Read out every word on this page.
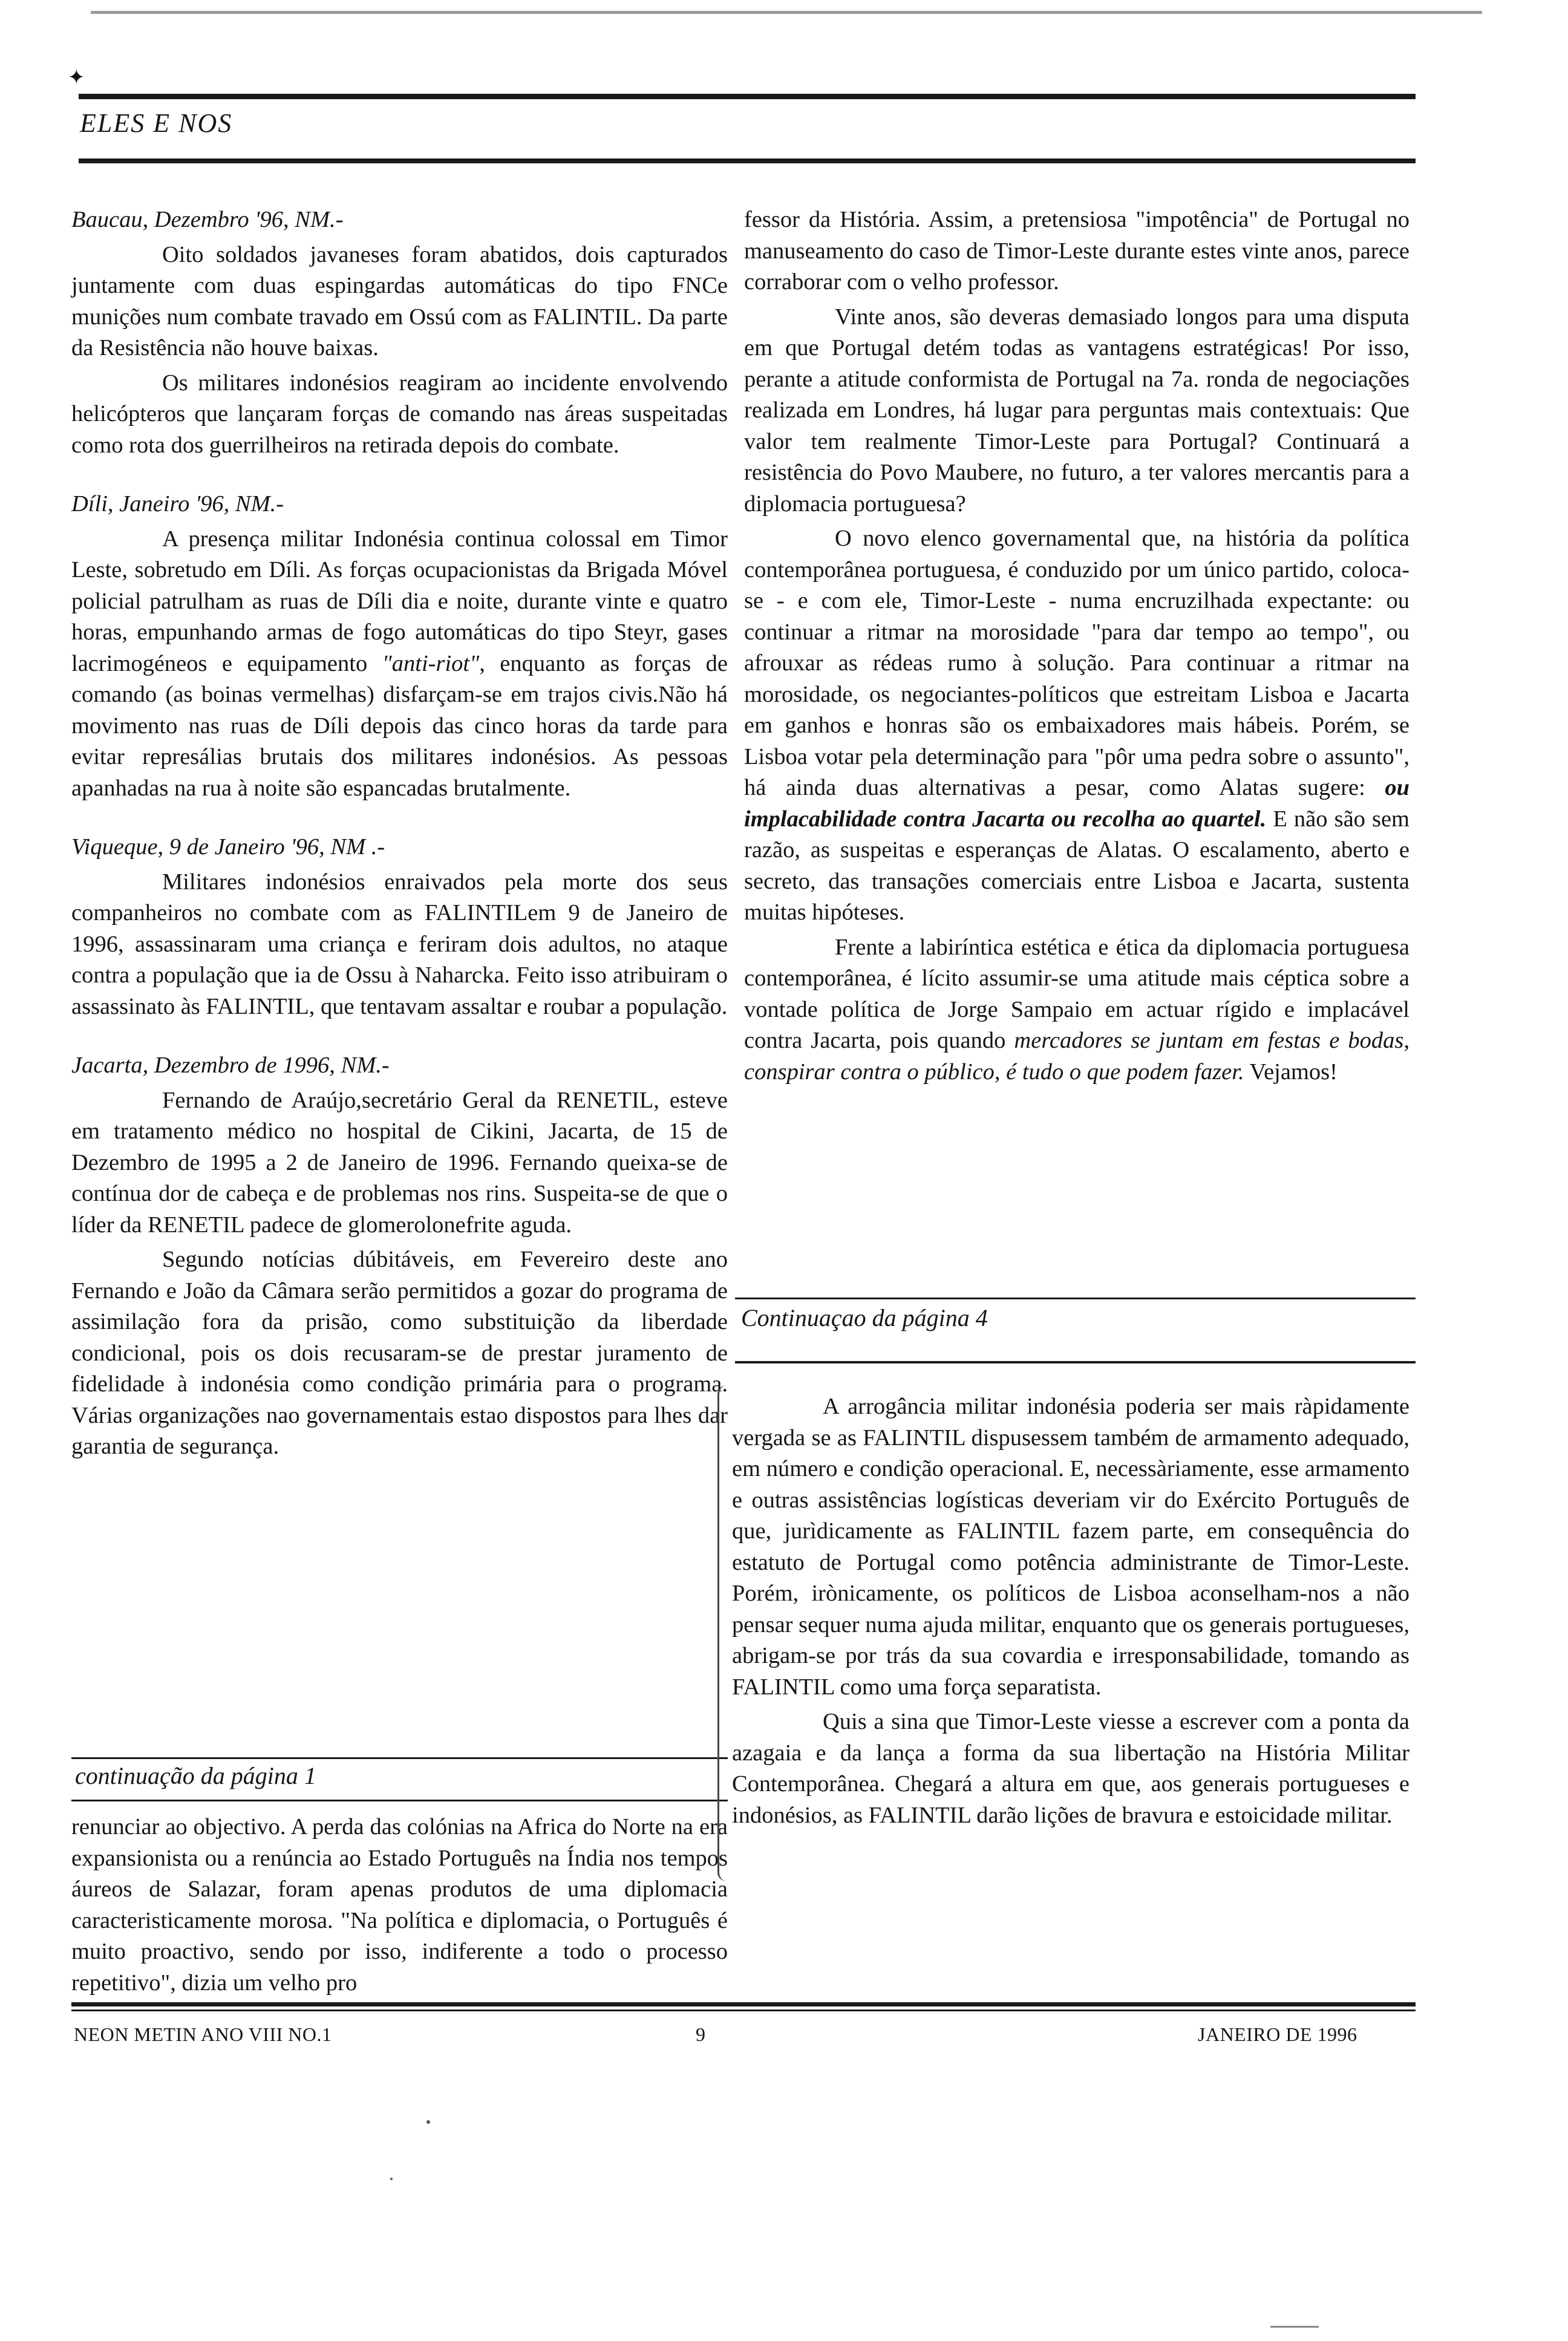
✦
ELES E NOS

Baucau, Dezembro '96, NM.-

Oito soldados javaneses foram abatidos, dois capturados juntamente com duas espingardas automáticas do tipo FNCe munições num combate travado em Ossú com as FALINTIL. Da parte da Resistência não houve baixas.

Os militares indonésios reagiram ao incidente envolvendo helicópteros que lançaram forças de comando nas áreas suspeitadas como rota dos guerrilheiros na retirada depois do combate.

Díli, Janeiro '96, NM.-

A presença militar Indonésia continua colossal em Timor Leste, sobretudo em Díli. As forças ocupacionistas da Brigada Móvel policial patrulham as ruas de Díli dia e noite, durante vinte e quatro horas, empunhando armas de fogo automáticas do tipo Steyr, gases lacrimogéneos e equipamento "anti-riot", enquanto as forças de comando (as boinas vermelhas) disfarçam-se em trajos civis.Não há movimento nas ruas de Díli depois das cinco horas da tarde para evitar represálias brutais dos militares indonésios. As pessoas apanhadas na rua à noite são espancadas brutalmente.

Viqueque, 9 de Janeiro '96, NM .-

Militares indonésios enraivados pela morte dos seus companheiros no combate com as FALINTILem 9 de Janeiro de 1996, assassinaram uma criança e feriram dois adultos, no ataque contra a população que ia de Ossu à Naharcka. Feito isso atribuiram o assassinato às FALINTIL, que tentavam assaltar e roubar a população.

Jacarta, Dezembro de 1996, NM.-

Fernando de Araújo,secretário Geral da RENETIL, esteve em tratamento médico no hospital de Cikini, Jacarta, de 15 de Dezembro de 1995 a 2 de Janeiro de 1996. Fernando queixa-se de contínua dor de cabeça e de problemas nos rins. Suspeita-se de que o líder da RENETIL padece de glomerolonefrite aguda.

Segundo notícias dúbitáveis, em Fevereiro deste ano Fernando e João da Câmara serão permitidos a gozar do programa de assimilação fora da prisão, como substituição da liberdade condicional, pois os dois recusaram-se de prestar juramento de fidelidade à indonésia como condição primária para o programa. Várias organizações nao governamentais estao dispostos para lhes dar garantia de segurança.

continuação da página 1
renunciar ao objectivo. A perda das colónias na Africa do Norte na era expansionista ou a renúncia ao Estado Português na Índia nos tempos áureos de Salazar, foram apenas produtos de uma diplomacia caracteristicamente morosa. "Na política e diplomacia, o Português é muito proactivo, sendo por isso, indiferente a todo o processo repetitivo", dizia um velho pro

fessor da História. Assim, a pretensiosa "impotência" de Portugal no manuseamento do caso de Timor-Leste durante estes vinte anos, parece corraborar com o velho professor.

Vinte anos, são deveras demasiado longos para uma disputa em que Portugal detém todas as vantagens estratégicas! Por isso, perante a atitude conformista de Portugal na 7a. ronda de negociações realizada em Londres, há lugar para perguntas mais contextuais: Que valor tem realmente Timor-Leste para Portugal? Continuará a resistência do Povo Maubere, no futuro, a ter valores mercantis para a diplomacia portuguesa?

O novo elenco governamental que, na história da política contemporânea portuguesa, é conduzido por um único partido, coloca-se - e com ele, Timor-Leste - numa encruzilhada expectante: ou continuar a ritmar na morosidade "para dar tempo ao tempo", ou afrouxar as rédeas rumo à solução. Para continuar a ritmar na morosidade, os negociantes-políticos que estreitam Lisboa e Jacarta em ganhos e honras são os embaixadores mais hábeis. Porém, se Lisboa votar pela determinação para "pôr uma pedra sobre o assunto", há ainda duas alternativas a pesar, como Alatas sugere: ou implacabilidade contra Jacarta ou recolha ao quartel. E não são sem razão, as suspeitas e esperanças de Alatas. O escalamento, aberto e secreto, das transações comerciais entre Lisboa e Jacarta, sustenta muitas hipóteses.

Frente a labiríntica estética e ética da diplomacia portuguesa contemporânea, é lícito assumir-se uma atitude mais céptica sobre a vontade política de Jorge Sampaio em actuar rígido e implacável contra Jacarta, pois quando mercadores se juntam em festas e bodas, conspirar contra o público, é tudo o que podem fazer. Vejamos!

Continuaçao da página 4

A arrogância militar indonésia poderia ser mais ràpidamente vergada se as FALINTIL dispusessem também de armamento adequado, em número e condição operacional. E, necessàriamente, esse armamento e outras assistências logísticas deveriam vir do Exército Português de que, jurìdicamente as FALINTIL fazem parte, em consequência do estatuto de Portugal como potência administrante de Timor-Leste. Porém, irònicamente, os políticos de Lisboa aconselham-nos a não pensar sequer numa ajuda militar, enquanto que os generais portugueses, abrigam-se por trás da sua covardia e irresponsabilidade, tomando as FALINTIL como uma força separatista.

Quis a sina que Timor-Leste viesse a escrever com a ponta da azagaia e da lança a forma da sua libertação na História Militar Contemporânea. Chegará a altura em que, aos generais portugueses e indonésios, as FALINTIL darão lições de bravura e estoicidade militar.

NEON METIN ANO VIII NO.1	9	JANEIRO DE 1996
